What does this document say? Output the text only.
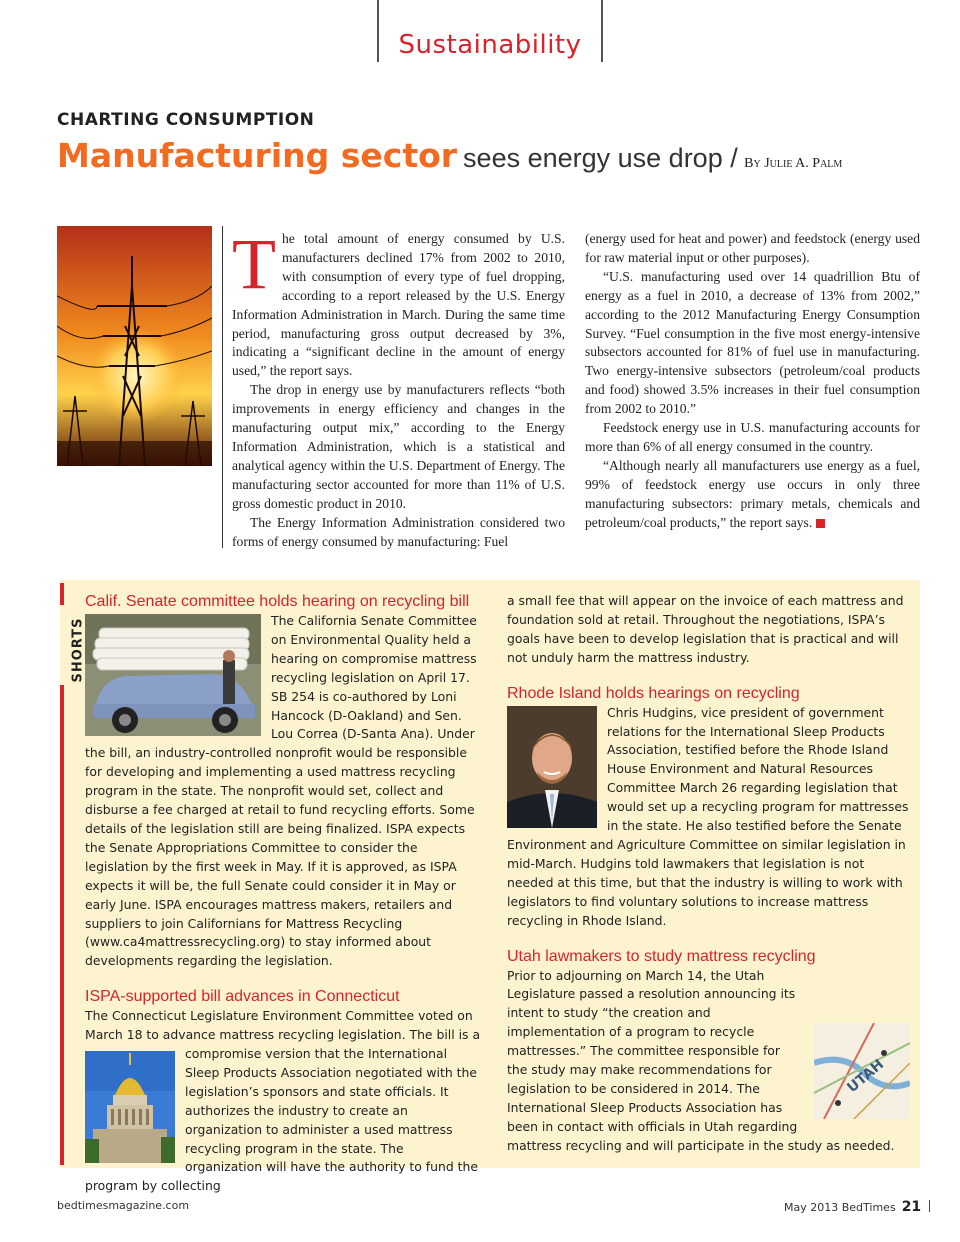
Sustainability
CHARTING CONSUMPTION
Manufacturing sector sees energy use drop / By Julie A. Palm

The total amount of energy consumed by U.S. manufacturers declined 17% from 2002 to 2010, with consumption of every type of fuel dropping, according to a report released by the U.S. Energy Information Administration in March. During the same time period, manufacturing gross output decreased by 3%, indicating a “significant decline in the amount of energy used,” the report says.

The drop in energy use by manufacturers reflects “both improvements in energy efficiency and changes in the manufacturing output mix,” according to the Energy Information Administration, which is a statistical and analytical agency within the U.S. Department of Energy. The manufacturing sector accounted for more than 11% of U.S. gross domestic product in 2010.

The Energy Information Administration considered two forms of energy consumed by manufacturing: Fuel

(energy used for heat and power) and feedstock (energy used for raw material input or other purposes).

“U.S. manufacturing used over 14 quadrillion Btu of energy as a fuel in 2010, a decrease of 13% from 2002,” according to the 2012 Manufacturing Energy Consumption Survey. “Fuel consumption in the five most energy-intensive subsectors accounted for 81% of fuel use in manufacturing. Two energy-intensive subsectors (petroleum/coal products and food) showed 3.5% increases in their fuel consumption from 2002 to 2010.”

Feedstock energy use in U.S. manufacturing accounts for more than 6% of all energy consumed in the country.

“Although nearly all manufacturers use energy as a fuel, 99% of feedstock energy use occurs in only three manufacturing subsectors: primary metals, chemicals and petroleum/coal products,” the report says.

SHORTS
Calif. Senate committee holds hearing on recycling bill
The California Senate Committee on Environmental Quality held a hearing on compromise mattress recycling legislation on April 17. SB 254 is co-authored by Loni Hancock (D-Oakland) and Sen. Lou Correa (D-Santa Ana). Under the bill, an industry-controlled nonprofit would be responsible for developing and implementing a used mattress recycling program in the state. The nonprofit would set, collect and disburse a fee charged at retail to fund recycling efforts. Some details of the legislation still are being finalized. ISPA expects the Senate Appropriations Committee to consider the legislation by the first week in May. If it is approved, as ISPA expects it will be, the full Senate could consider it in May or early June. ISPA encourages mattress makers, retailers and suppliers to join Californians for Mattress Recycling (www.ca4mattressrecycling.org) to stay informed about developments regarding the legislation.
ISPA-supported bill advances in Connecticut
The Connecticut Legislature Environment Committee voted on March 18 to advance mattress recycling legislation. The bill is a compromise version that the International Sleep Products Association negotiated with the legislation’s sponsors and state officials. It authorizes the industry to create an organization to administer a used mattress recycling program in the state. The organization will have the authority to fund the program by collecting
a small fee that will appear on the invoice of each mattress and foundation sold at retail. Throughout the negotiations, ISPA’s goals have been to develop legislation that is practical and will not unduly harm the mattress industry.
Rhode Island holds hearings on recycling
Chris Hudgins, vice president of government relations for the International Sleep Products Association, testified before the Rhode Island House Environment and Natural Resources Committee March 26 regarding legislation that would set up a recycling program for mattresses in the state. He also testified before the Senate Environment and Agriculture Committee on similar legislation in mid-March. Hudgins told lawmakers that legislation is not needed at this time, but that the industry is willing to work with legislators to find voluntary solutions to increase mattress recycling in Rhode Island.
Utah lawmakers to study mattress recycling
UTAH
Prior to adjourning on March 14, the Utah Legislature passed a resolution announcing its intent to study “the creation and implementation of a program to recycle mattresses.” The committee responsible for the study may make recommendations for legislation to be considered in 2014. The International Sleep Products Association has been in contact with officials in Utah regarding mattress recycling and will participate in the study as needed.
bedtimesmagazine.com	May 2013 BedTimes 21
